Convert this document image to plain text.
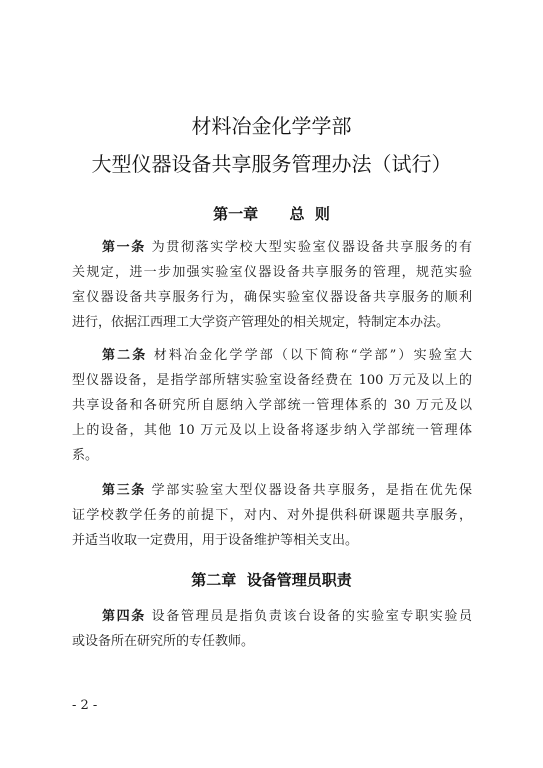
材料冶金化学学部
大型仪器设备共享服务管理办法（试行）
第一章      总  则
第一条 为贯彻落实学校大型实验室仪器设备共享服务的有
关规定，进一步加强实验室仪器设备共享服务的管理，规范实验
室仪器设备共享服务行为，确保实验室仪器设备共享服务的顺利
进行，依据江西理工大学资产管理处的相关规定，特制定本办法。
第二条 材料冶金化学学部（以下简称“学部”）实验室大
型仪器设备，是指学部所辖实验室设备经费在 100 万元及以上的
共享设备和各研究所自愿纳入学部统一管理体系的 30 万元及以
上的设备，其他 10 万元及以上设备将逐步纳入学部统一管理体
系。
第三条 学部实验室大型仪器设备共享服务，是指在优先保
证学校教学任务的前提下，对内、对外提供科研课题共享服务，
并适当收取一定费用，用于设备维护等相关支出。
第二章  设备管理员职责
第四条 设备管理员是指负责该台设备的实验室专职实验员
或设备所在研究所的专任教师。
- 2 -
